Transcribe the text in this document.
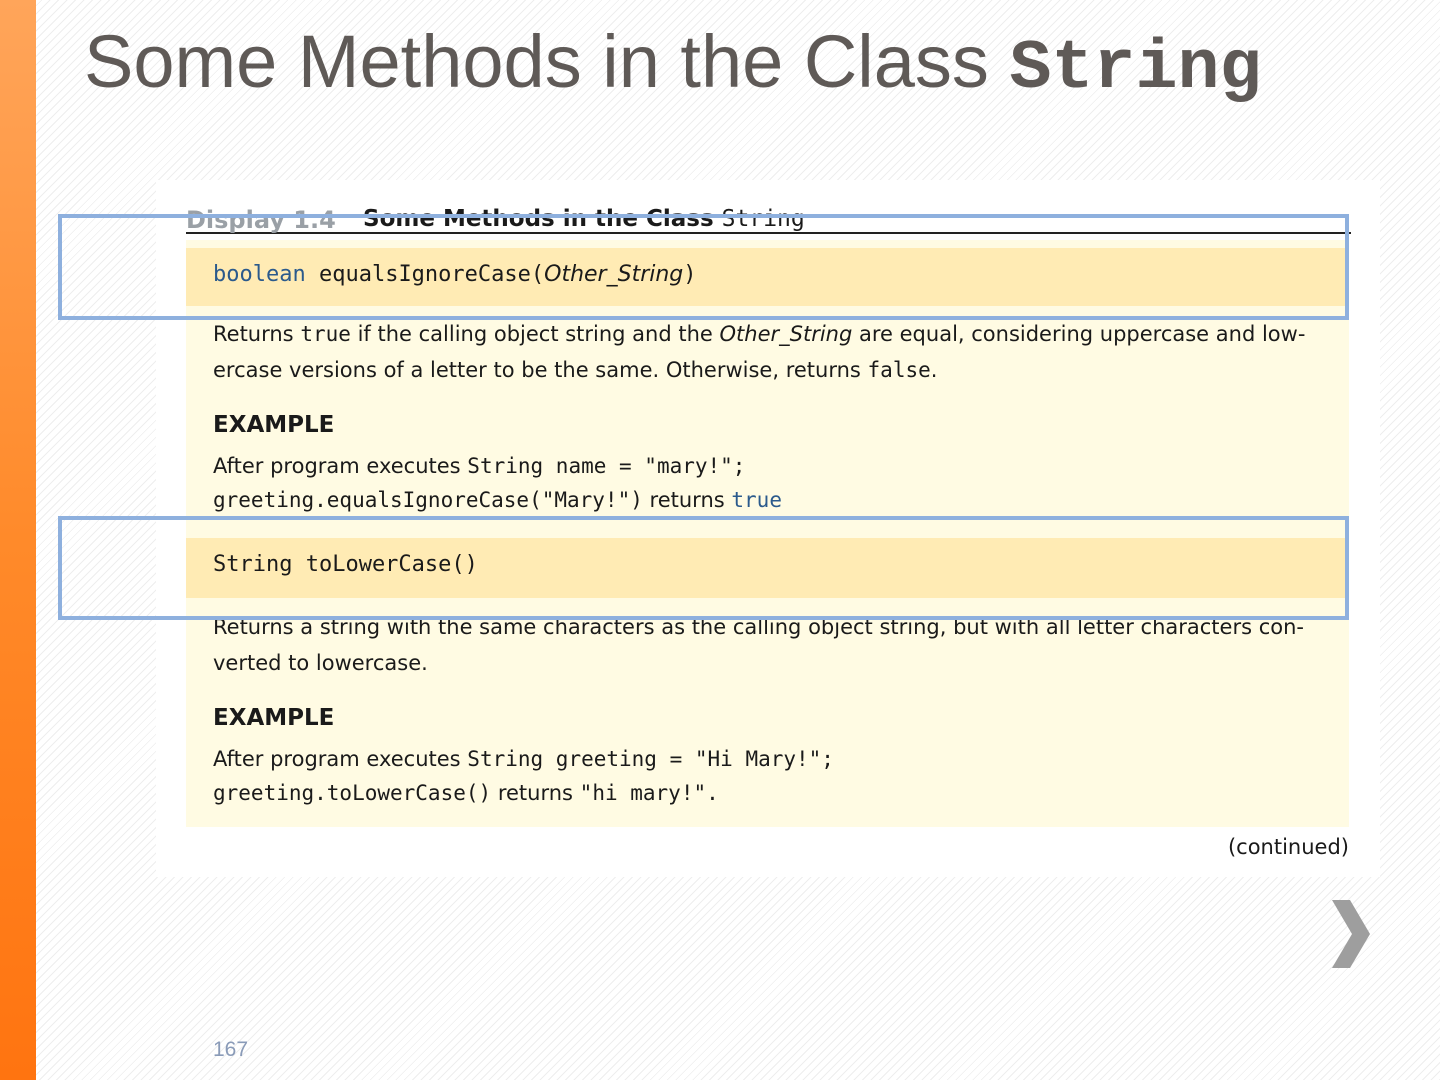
Some Methods in the Class String
Display 1.4 Some Methods in the Class String
boolean equalsIgnoreCase(Other_String)
Returns true if the calling object string and the Other_String are equal, considering uppercase and low-ercase versions of a letter to be the same. Otherwise, returns false.
EXAMPLE
After program executes String name = "mary!";
greeting.equalsIgnoreCase("Mary!") returns true
String toLowerCase()
Returns a string with the same characters as the calling object string, but with all letter characters con-verted to lowercase.
EXAMPLE
After program executes String greeting = "Hi Mary!";
greeting.toLowerCase() returns "hi mary!".
(continued)
167
